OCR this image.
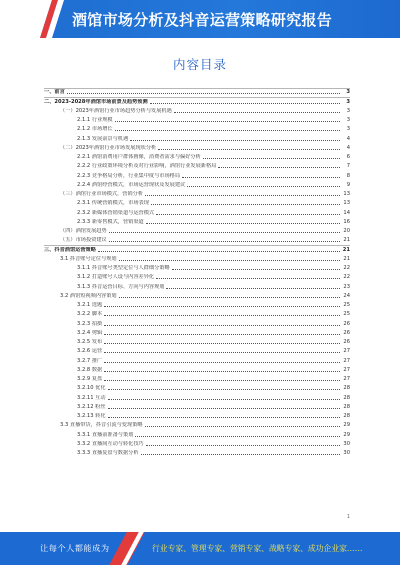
酒馆市场分析及抖音运营策略研究报告
内容目录
一、前言	3
二、2023-2028年酒馆市场前景及趋势预测	3
（一）2023年酒馆行业市场趋势分析与发展机遇	3
2.1.1 行业规模	3
2.1.2 市场增长	3
2.1.3 发展前景与机遇	4
（二）2023年酒馆行业市场发展现状分析	4
2.2.1 酒馆消费用户群体画像，消费者需求与偏好分析	6
2.2.2 行业政策环境分析及对行业影响，酒馆行业发展新格局	7
2.2.3 竞争格局分析，行业集中度与市场格局	8
2.2.4 酒馆经营模式，市场运营现状及发展建议	9
（三）酒馆行业市场模式，营销分析	13
2.3.1 传统营销模式，市场表现	13
2.3.2 新媒体营销渠道与运营模式	14
2.3.3 新零售模式，营销渠道	16
（四）酒馆发展趋势	20
（五）市场投资建议	21
三、抖音酒馆运营策略	21
3.1 抖音账号定位与规划	21
3.1.1 抖音账号类型定位与人群细分策略	22
3.1.2 打造账号人设与内容差异化	22
3.1.3 抖音运营目标、方向与内容规划	23
3.2 酒馆短视频内容策划	24
3.2.1 选题	25
3.2.2 脚本	25
3.2.3 拍摄	26
3.2.4 剪辑	26
3.2.5 发布	26
3.2.6 运营	27
3.2.7 推广	27
3.2.8 数据	27
3.2.9 复盘	27
3.2.10 优化	28
3.2.11 互动	28
3.2.12 粉丝	28
3.2.13 转化	28
3.3 直播带货，抖音引流与变现策略	29
3.3.1 直播前准备与策划	29
3.3.2 直播间互动与转化技巧	30
3.3.3 直播复盘与数据分析	30
1
让每个人都能成为	行业专家、管理专家、营销专家、战略专家、成功企业家……
